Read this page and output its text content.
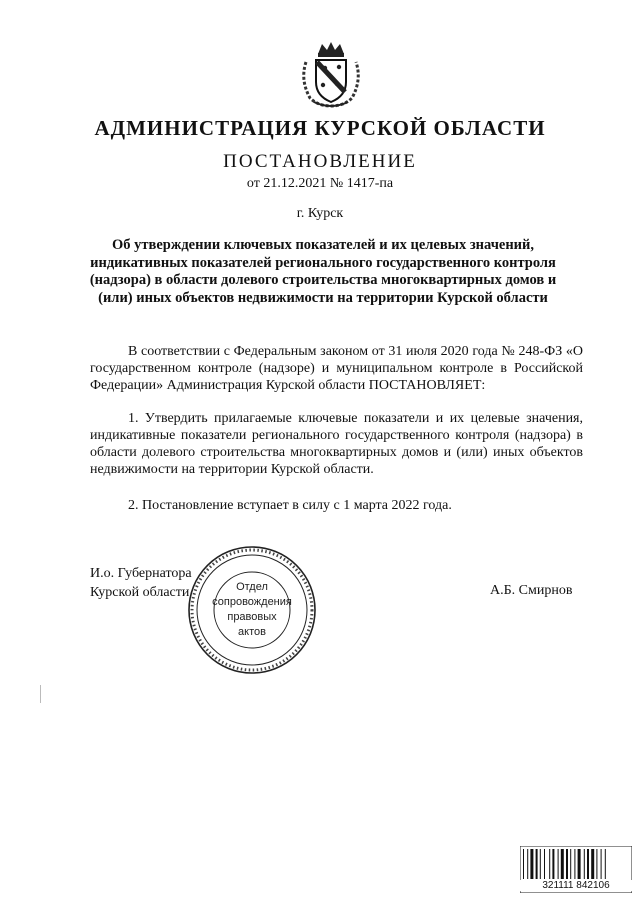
АДМИНИСТРАЦИЯ КУРСКОЙ ОБЛАСТИ
ПОСТАНОВЛЕНИЕ
от 21.12.2021 № 1417-па
г. Курск
Об утверждении ключевых показателей и их целевых значений, индикативных показателей регионального государственного контроля (надзора) в области долевого строительства многоквартирных домов и (или) иных объектов недвижимости на территории Курской области
В соответствии с Федеральным законом от 31 июля 2020 года № 248-ФЗ «О государственном контроле (надзоре) и муниципальном контроле в Российской Федерации» Администрация Курской области ПОСТАНОВЛЯЕТ:
1. Утвердить прилагаемые ключевые показатели и их целевые значения, индикативные показатели регионального государственного контроля (надзора) в области долевого строительства многоквартирных домов и (или) иных объектов недвижимости на территории Курской области.
2. Постановление вступает в силу с 1 марта 2022 года.
И.о. Губернатора
Курской области	А.Б. Смирнов
Отдел
сопровождения
правовых
актов
321111 842106
